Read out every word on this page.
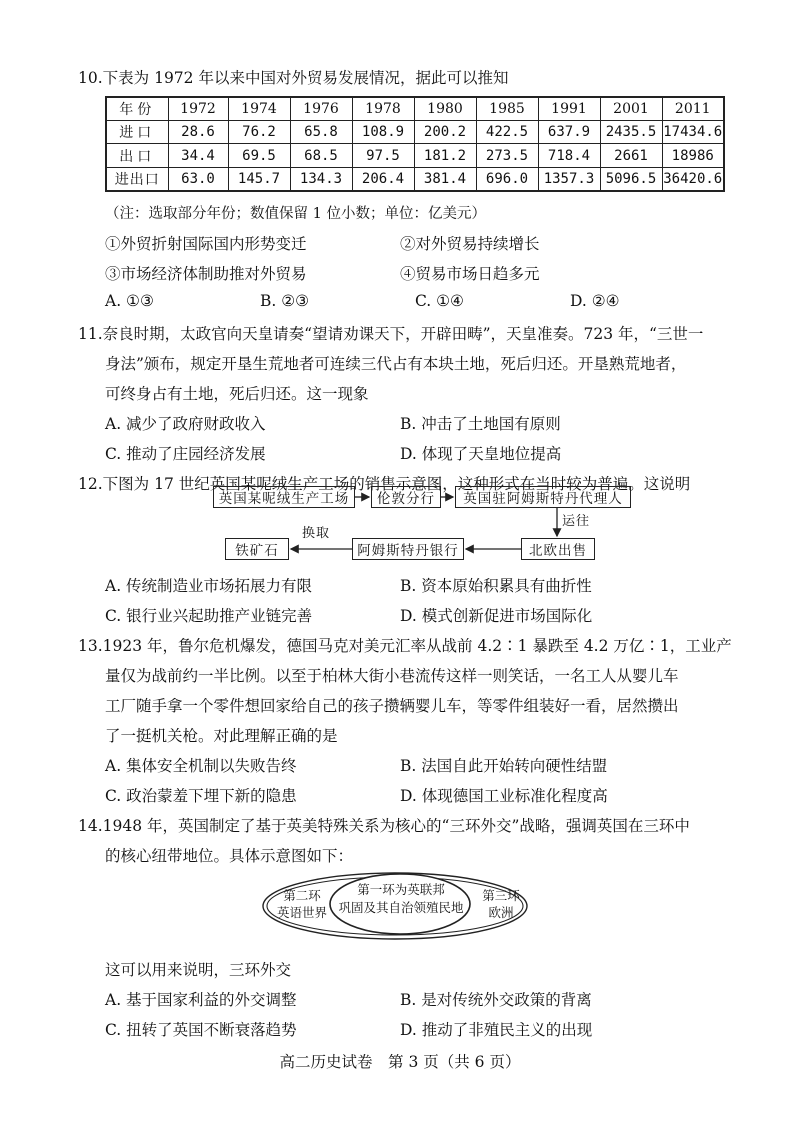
10.下表为 1972 年以来中国对外贸易发展情况，据此可以推知
年份	1972	1974	1976	1978	1980	1985	1991	2001	2011
进口	28.6	76.2	65.8	108.9	200.2	422.5	637.9	2435.5	17434.6
出口	34.4	69.5	68.5	97.5	181.2	273.5	718.4	2661	18986
进出口	63.0	145.7	134.3	206.4	381.4	696.0	1357.3	5096.5	36420.6
（注：选取部分年份；数值保留 1 位小数；单位：亿美元）
①外贸折射国际国内形势变迁	②对外贸易持续增长
③市场经济体制助推对外贸易	④贸易市场日趋多元
A. ①③	B. ②③	C. ①④	D. ②④
11.奈良时期，太政官向天皇请奏“望请劝课天下，开辟田畴”，天皇准奏。723 年，“三世一
身法”颁布，规定开垦生荒地者可连续三代占有本块土地，死后归还。开垦熟荒地者，
可终身占有土地，死后归还。这一现象
A. 减少了政府财政收入	B. 冲击了土地国有原则
C. 推动了庄园经济发展	D. 体现了天皇地位提高
12.下图为 17 世纪英国某呢绒生产工场的销售示意图，这种形式在当时较为普遍。这说明
英国某呢绒生产工场	伦敦分行	英国驻阿姆斯特丹代理人
北欧出售
阿姆斯特丹银行
铁矿石
运往
换取
A. 传统制造业市场拓展力有限	B. 资本原始积累具有曲折性
C. 银行业兴起助推产业链完善	D. 模式创新促进市场国际化
13.1923 年，鲁尔危机爆发，德国马克对美元汇率从战前 4.2∶1 暴跌至 4.2 万亿∶1，工业产
量仅为战前约一半比例。以至于柏林大街小巷流传这样一则笑话，一名工人从婴儿车
工厂随手拿一个零件想回家给自己的孩子攒辆婴儿车，等零件组装好一看，居然攒出
了一挺机关枪。对此理解正确的是
A. 集体安全机制以失败告终	B. 法国自此开始转向硬性结盟
C. 政治蒙羞下埋下新的隐患	D. 体现德国工业标准化程度高
14.1948 年，英国制定了基于英美特殊关系为核心的“三环外交”战略，强调英国在三环中
的核心纽带地位。具体示意图如下：
第二环
英语世界
第一环为英联邦
巩固及其自治领殖民地
第三环
欧洲
这可以用来说明，三环外交
A. 基于国家利益的外交调整	B. 是对传统外交政策的背离
C. 扭转了英国不断衰落趋势	D. 推动了非殖民主义的出现
高二历史试卷　第 3 页（共 6 页）
